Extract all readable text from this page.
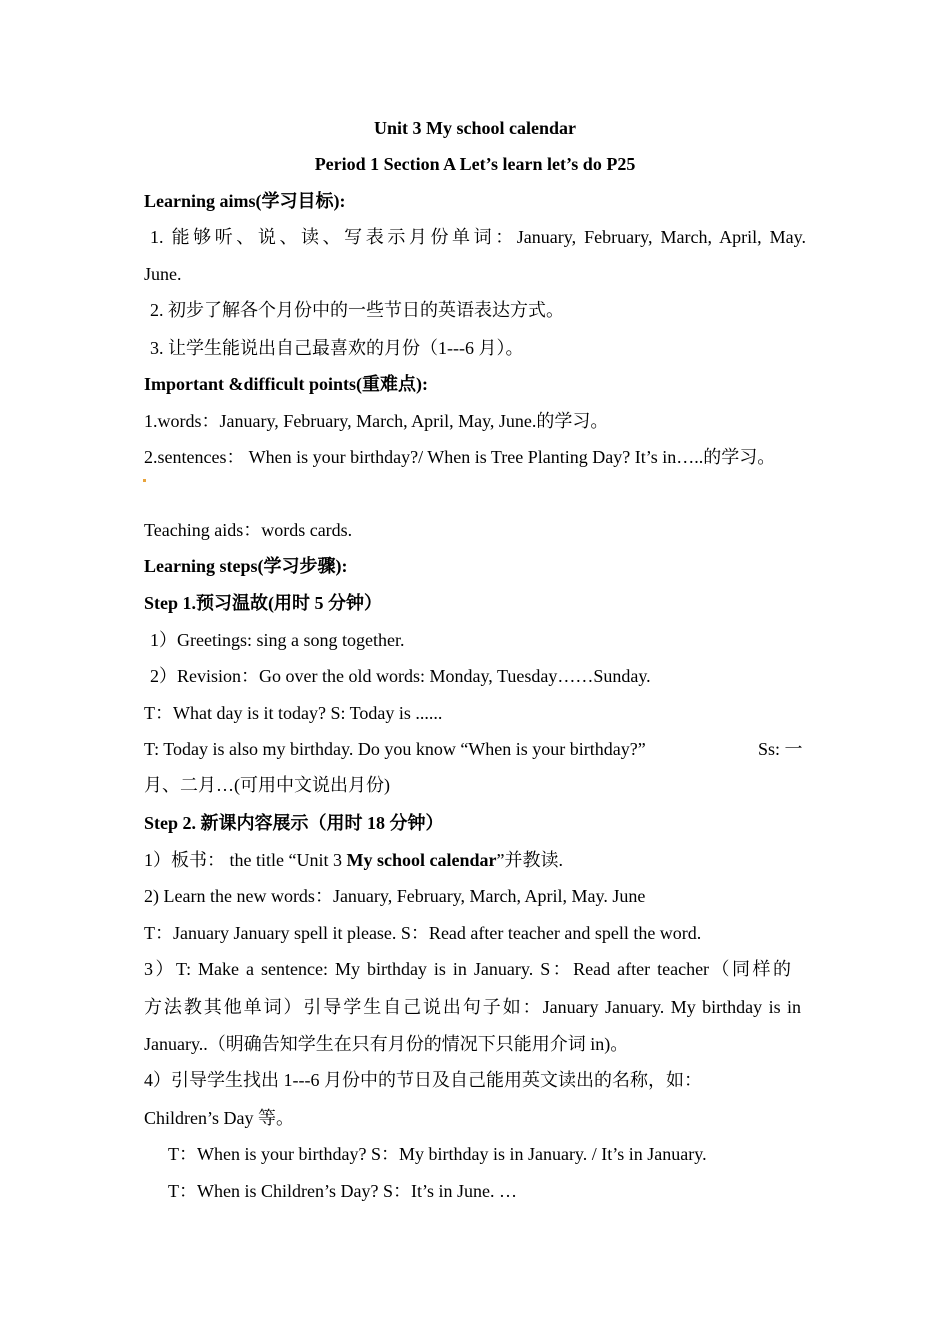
Unit 3 My school calendar
Period 1 Section A Let’s learn let’s do P25
Learning aims(学习目标):
1. 能够听、说、读、写表示月份单词：January, February, March, April, May.
June.
2. 初步了解各个月份中的一些节日的英语表达方式。
3. 让学生能说出自己最喜欢的月份（1---6 月）。
Important &difficult points(重难点):
1.words：January, February, March, April, May, June.的学习。
2.sentences： When is your birthday?/ When is Tree Planting Day? It’s in…..的学习。
Teaching aids：words cards.
Learning steps(学习步骤):
Step 1.预习温故(用时 5 分钟）
1）Greetings: sing a song together.
2）Revision：Go over the old words: Monday, Tuesday……Sunday.
T：What day is it today? S: Today is ......
T: Today is also my birthday. Do you know “When is your birthday?”	Ss: 一
月、二月…(可用中文说出月份)
Step 2. 新课内容展示（用时 18 分钟）
1）板书： the title “Unit 3 My school calendar”并教读.
2) Learn the new words：January, February, March, April, May. June
T：January January spell it please. S：Read after teacher and spell the word.
3）T: Make a sentence: My birthday is in January. S：Read after teacher（同样的
方法教其他单词）引导学生自己说出句子如：January January. My birthday is in
January..（明确告知学生在只有月份的情况下只能用介词 in)。
4）引导学生找出 1---6 月份中的节日及自己能用英文读出的名称，如：
Children’s Day 等。
T：When is your birthday? S：My birthday is in January. / It’s in January.
T：When is Children’s Day? S：It’s in June. …
